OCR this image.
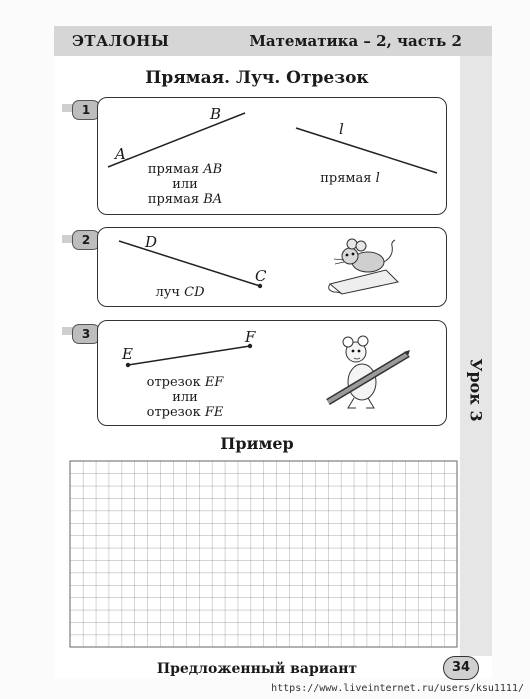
ЭТАЛОНЫ	Математика – 2, часть 2
Прямая. Луч. Отрезок
1
A
B
прямая AB
или
прямая BA
l
прямая l
2	D
C
луч CD
3
E
F
отрезок EF
или
отрезок FE
Пример
Предложенный вариант	34
https://www.liveinternet.ru/users/ksu1111/
